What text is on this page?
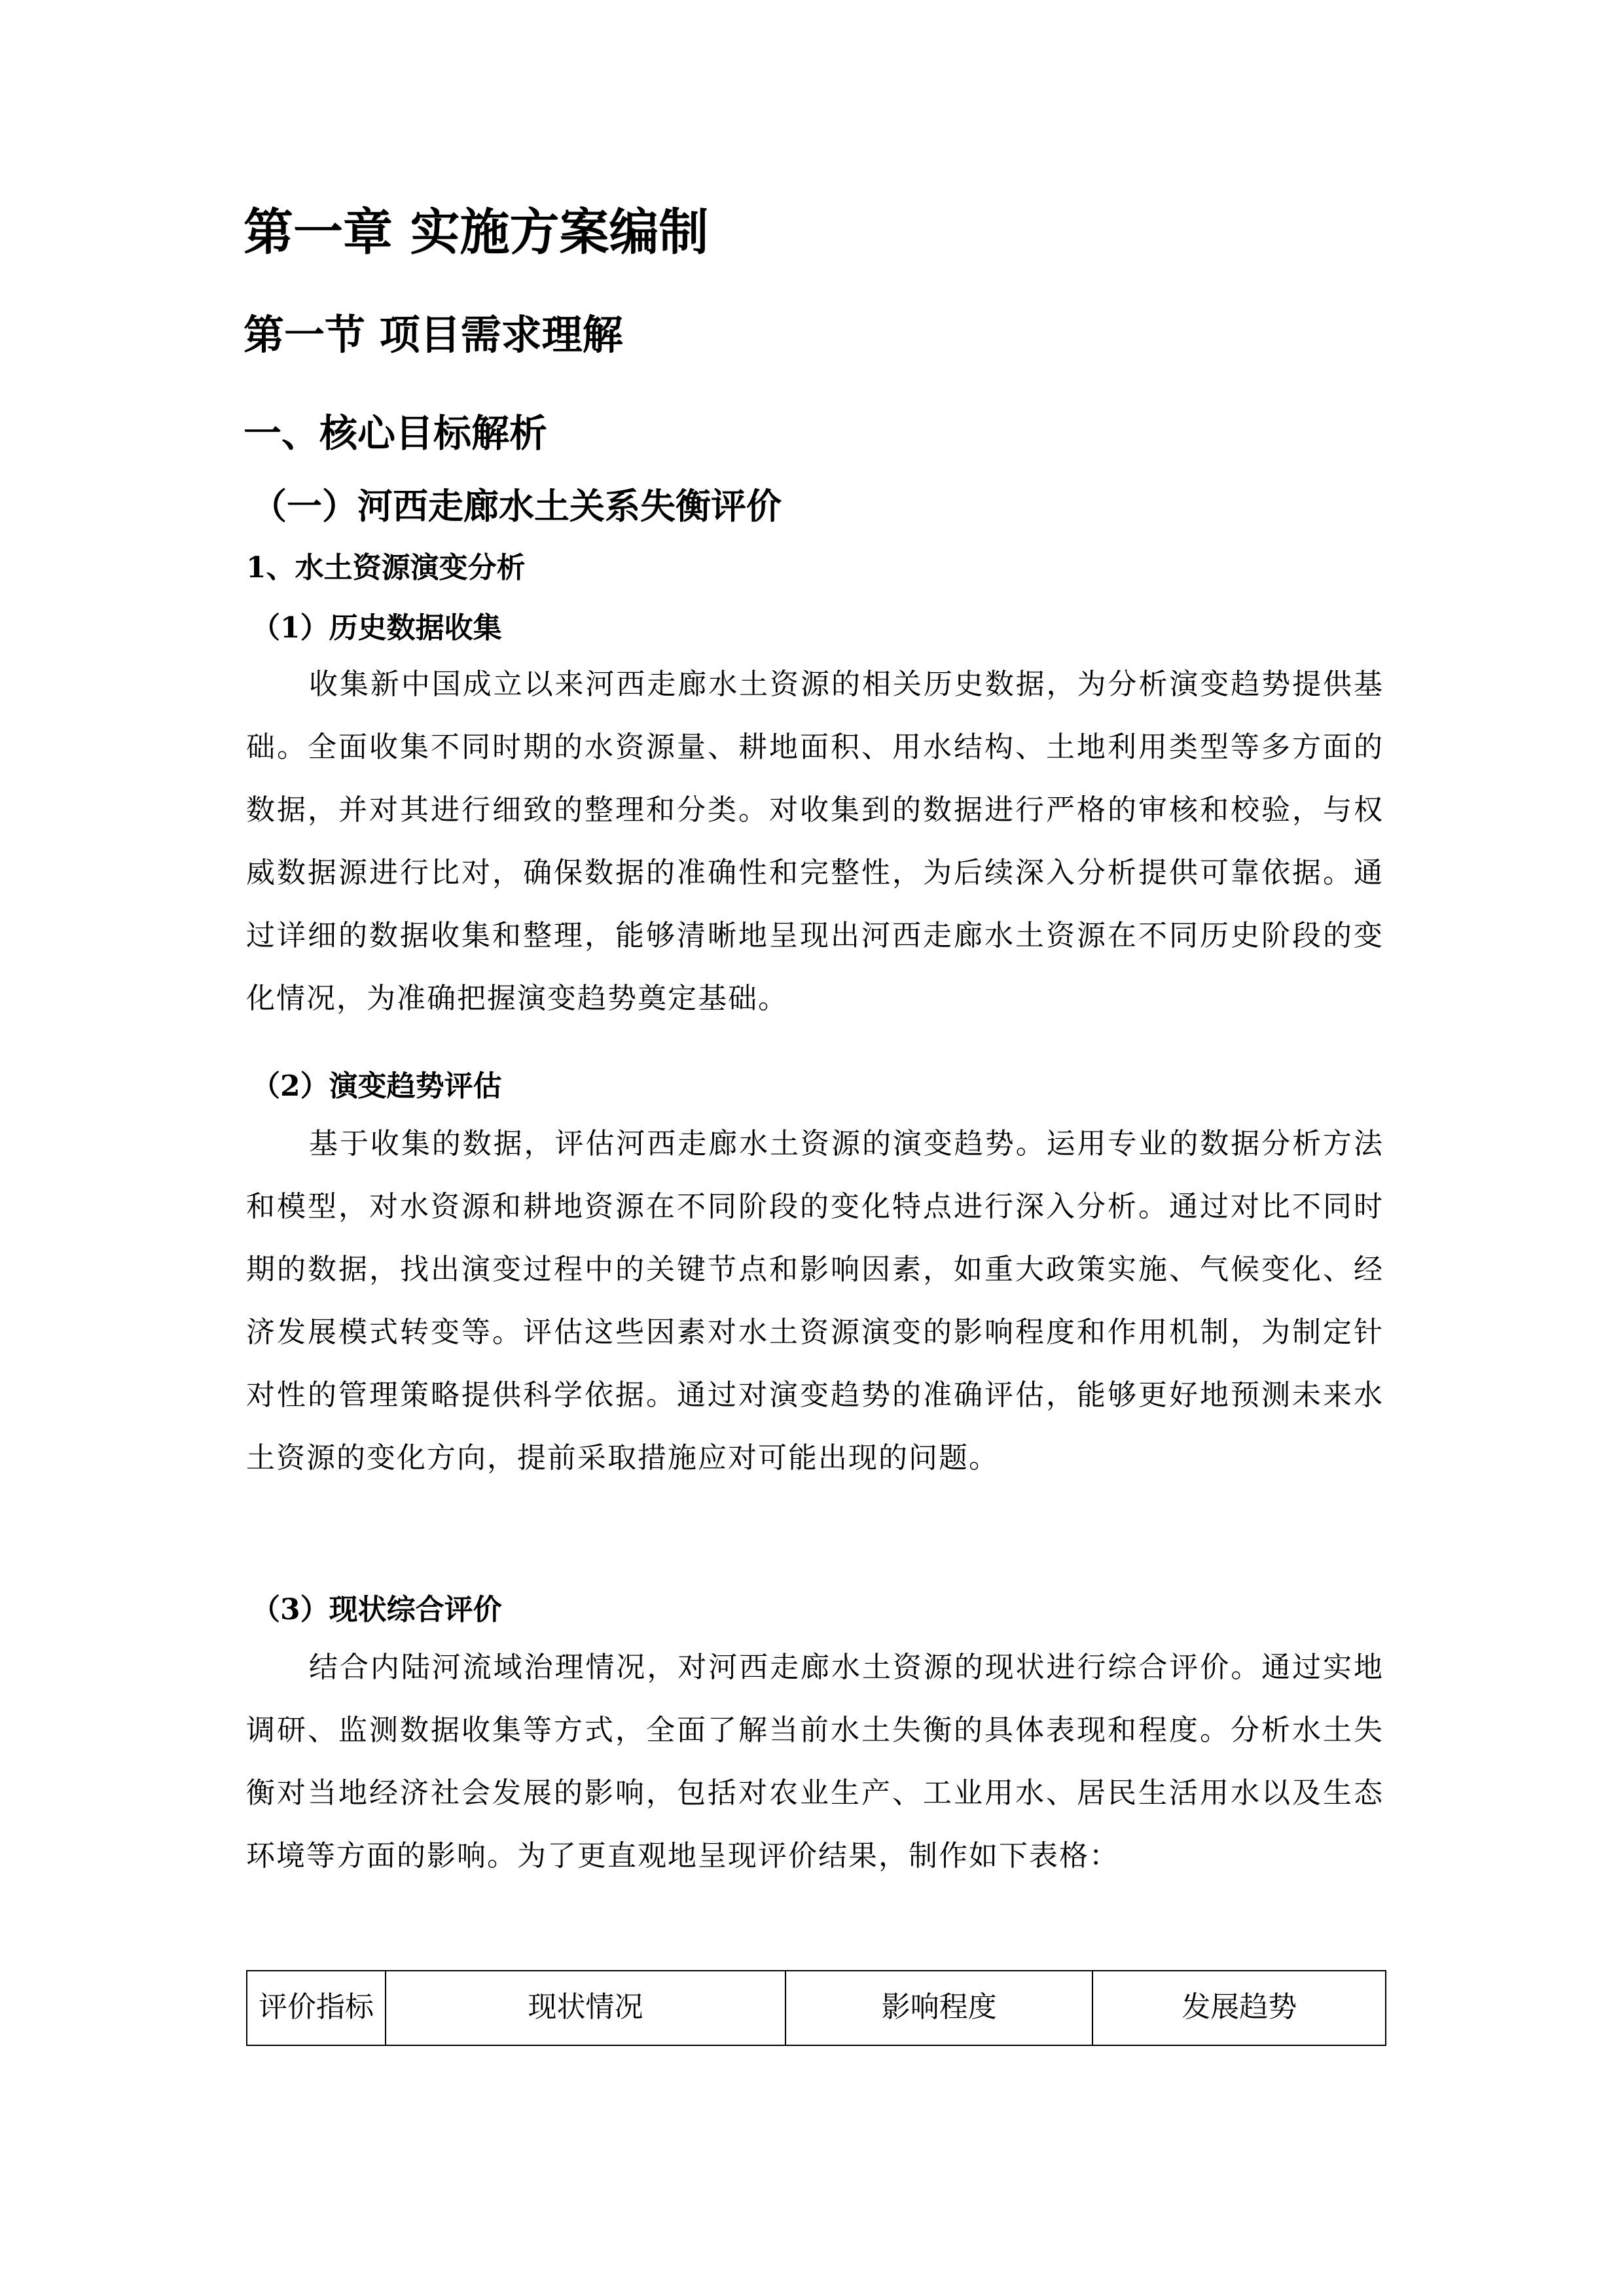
第一章 实施方案编制
第一节 项目需求理解
一、核心目标解析
（一）河西走廊水土关系失衡评价
1、水土资源演变分析
（1）历史数据收集

收集新中国成立以来河西走廊水土资源的相关历史数据，为分析演变趋势提供基础。全面收集不同时期的水资源量、耕地面积、用水结构、土地利用类型等多方面的数据，并对其进行细致的整理和分类。对收集到的数据进行严格的审核和校验，与权威数据源进行比对，确保数据的准确性和完整性，为后续深入分析提供可靠依据。通过详细的数据收集和整理，能够清晰地呈现出河西走廊水土资源在不同历史阶段的变化情况，为准确把握演变趋势奠定基础。

（2）演变趋势评估

基于收集的数据，评估河西走廊水土资源的演变趋势。运用专业的数据分析方法和模型，对水资源和耕地资源在不同阶段的变化特点进行深入分析。通过对比不同时期的数据，找出演变过程中的关键节点和影响因素，如重大政策实施、气候变化、经济发展模式转变等。评估这些因素对水土资源演变的影响程度和作用机制，为制定针对性的管理策略提供科学依据。通过对演变趋势的准确评估，能够更好地预测未来水土资源的变化方向，提前采取措施应对可能出现的问题。

（3）现状综合评价

结合内陆河流域治理情况，对河西走廊水土资源的现状进行综合评价。通过实地调研、监测数据收集等方式，全面了解当前水土失衡的具体表现和程度。分析水土失衡对当地经济社会发展的影响，包括对农业生产、工业用水、居民生活用水以及生态环境等方面的影响。为了更直观地呈现评价结果，制作如下表格：

评价指标	现状情况	影响程度	发展趋势
